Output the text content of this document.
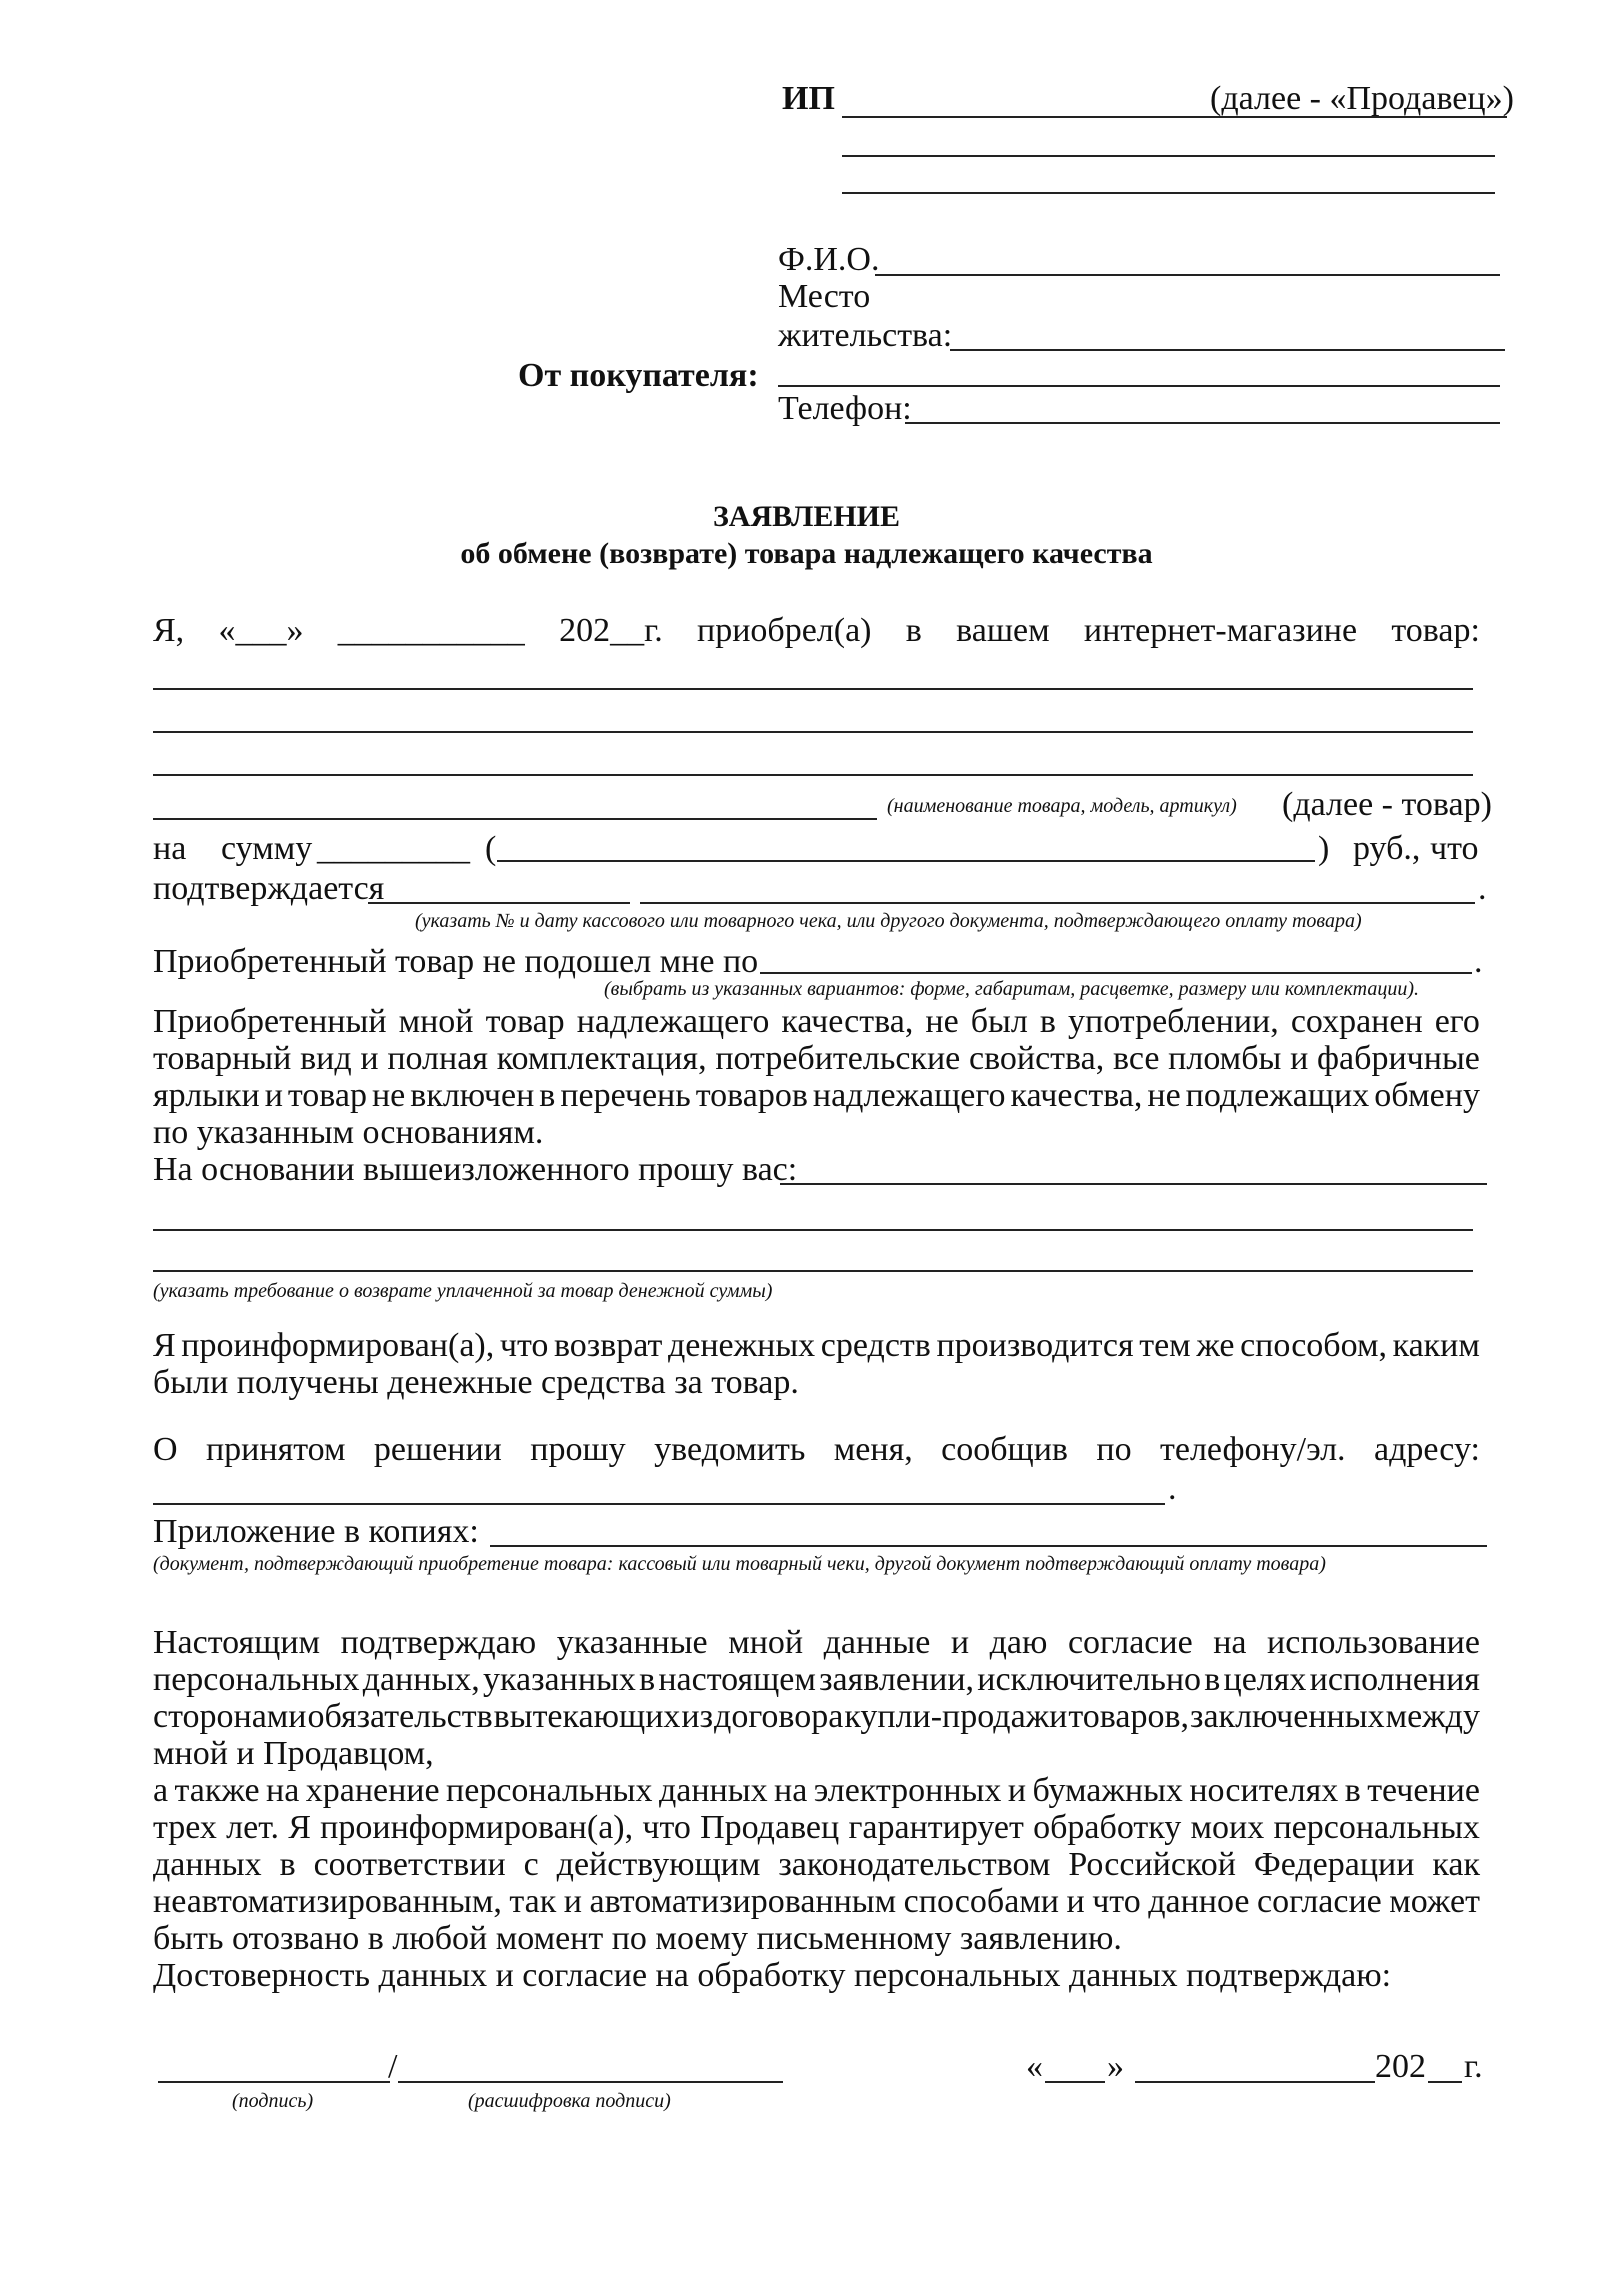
ИП	(далее - «Продавец»)
Ф.И.О.
Место
жительства:
От покупателя:
Телефон:
ЗАЯВЛЕНИЕ
об обмене (возврате) товара надлежащего качества
Я, «___» ___________ 202__г. приобрел(а) в вашем интернет-магазине товар:
(наименование товара, модель, артикул) (далее - товар)
на сумму _________ (	) руб., что
подтверждается	.
(указать № и дату кассового или товарного чека, или другого документа, подтверждающего оплату товара)
Приобретенный товар не подошел мне по	.
(выбрать из указанных вариантов: форме, габаритам, расцветке, размеру или комплектации).
Приобретенный мной товар надлежащего качества, не был в употреблении, сохранен его
товарный вид и полная комплектация, потребительские свойства, все пломбы и фабричные
ярлыки и товар не включен в перечень товаров надлежащего качества, не подлежащих обмену
по указанным основаниям.
На основании вышеизложенного прошу вас:
(указать требование о возврате уплаченной за товар денежной суммы)
Я проинформирован(а), что возврат денежных средств производится тем же способом, каким
были получены денежные средства за товар.
О принятом решении прошу уведомить меня, сообщив по телефону/эл. адресу:
.
Приложение в копиях:
(документ, подтверждающий приобретение товара: кассовый или товарный чеки, другой документ подтверждающий оплату товара)
Настоящим подтверждаю указанные мной данные и даю согласие на использование
персональных данных, указанных в настоящем заявлении, исключительно в целях исполнения
сторонами обязательств вытекающих из договора купли-продажи товаров, заключенных между
мной и Продавцом,
а также на хранение персональных данных на электронных и бумажных носителях в течение
трех лет. Я проинформирован(а), что Продавец гарантирует обработку моих персональных
данных в соответствии с действующим законодательством Российской Федерации как
неавтоматизированным, так и автоматизированным способами и что данное согласие может
быть отозвано в любой момент по моему письменному заявлению.
Достоверность данных и согласие на обработку персональных данных подтверждаю:
/
(подпись)	(расшифровка подписи)
« »	202 г.
